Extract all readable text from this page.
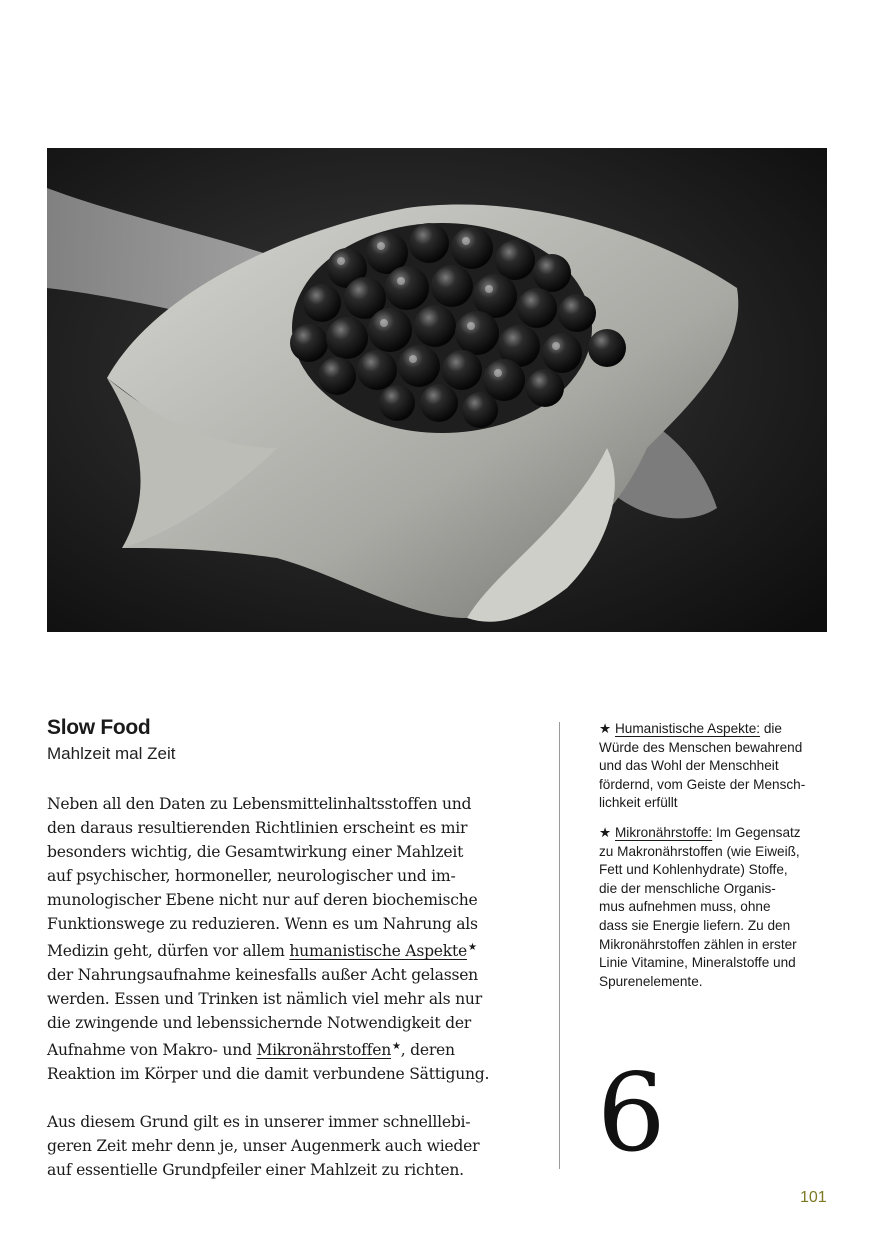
Slow Food
Mahlzeit mal Zeit

Neben all den Daten zu Lebensmittelinhaltsstoffen und
den daraus resultierenden Richtlinien erscheint es mir
besonders wichtig, die Gesamtwirkung einer Mahlzeit
auf psychischer, hormoneller, neurologischer und im-
munologischer Ebene nicht nur auf deren biochemische
Funktionswege zu reduzieren. Wenn es um Nahrung als
Medizin geht, dürfen vor allem humanistische Aspekte★
der Nahrungsaufnahme keinesfalls außer Acht gelassen
werden. Essen und Trinken ist nämlich viel mehr als nur
die zwingende und lebenssichernde Notwendigkeit der
Aufnahme von Makro- und Mikronährstoffen★, deren
Reaktion im Körper und die damit verbundene Sättigung.

Aus diesem Grund gilt es in unserer immer schnelllebi-
geren Zeit mehr denn je, unser Augenmerk auch wieder
auf essentielle Grundpfeiler einer Mahlzeit zu richten.

★ Humanistische Aspekte: die
Würde des Menschen bewahrend
und das Wohl der Menschheit
fördernd, vom Geiste der Mensch-
lichkeit erfüllt
★ Mikronährstoffe: Im Gegensatz
zu Makronährstoffen (wie Eiweiß,
Fett und Kohlenhydrate) Stoffe,
die der menschliche Organis-
mus aufnehmen muss, ohne
dass sie Energie liefern. Zu den
Mikronährstoffen zählen in erster
Linie Vitamine, Mineralstoffe und
Spurenelemente.
6
101
